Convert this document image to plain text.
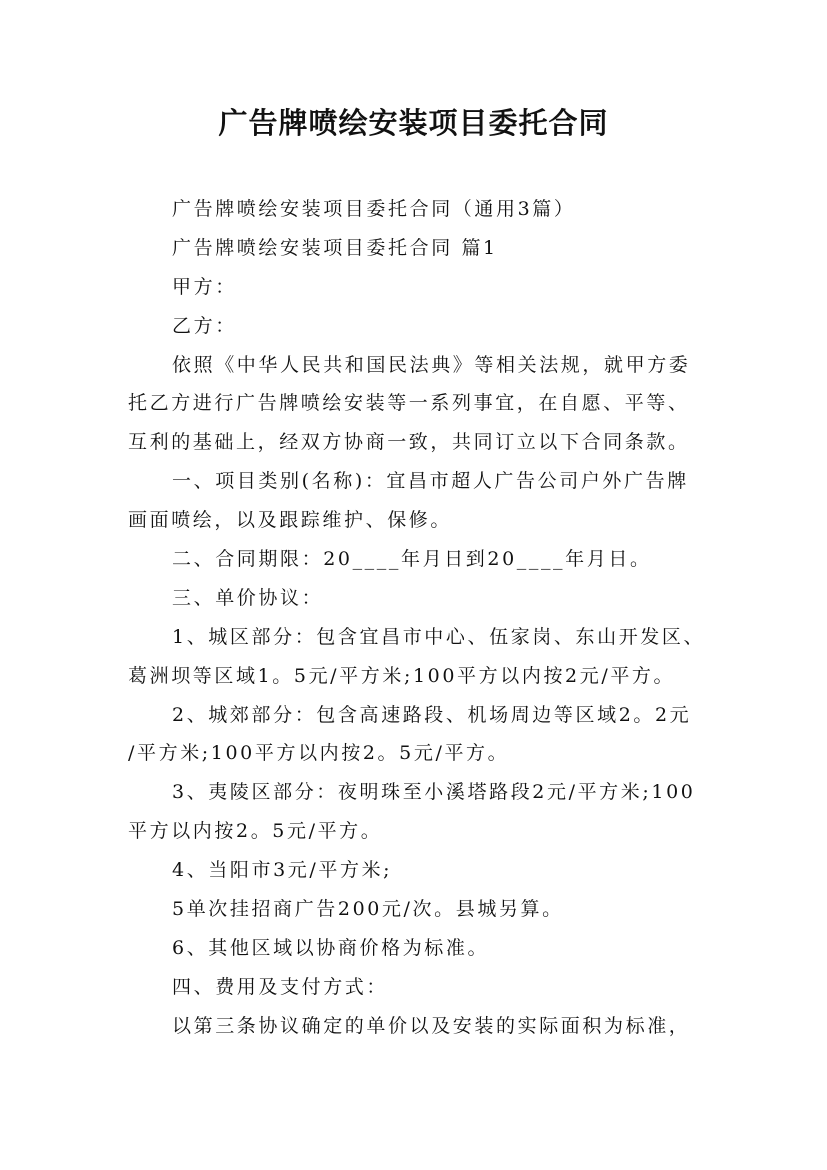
广告牌喷绘安装项目委托合同
广告牌喷绘安装项目委托合同（通用3篇）
广告牌喷绘安装项目委托合同 篇1
甲方：
乙方：
依照《中华人民共和国民法典》等相关法规，就甲方委
托乙方进行广告牌喷绘安装等一系列事宜，在自愿、平等、
互利的基础上，经双方协商一致，共同订立以下合同条款。
一、项目类别(名称)：宜昌市超人广告公司户外广告牌
画面喷绘，以及跟踪维护、保修。
二、合同期限：20____年月日到20____年月日。
三、单价协议：
1、城区部分：包含宜昌市中心、伍家岗、东山开发区、
葛洲坝等区域1。5元/平方米;100平方以内按2元/平方。
2、城郊部分：包含高速路段、机场周边等区域2。2元
/平方米;100平方以内按2。5元/平方。
3、夷陵区部分：夜明珠至小溪塔路段2元/平方米;100
平方以内按2。5元/平方。
4、当阳市3元/平方米;
5单次挂招商广告200元/次。县城另算。
6、其他区域以协商价格为标准。
四、费用及支付方式：
以第三条协议确定的单价以及安装的实际面积为标准，
